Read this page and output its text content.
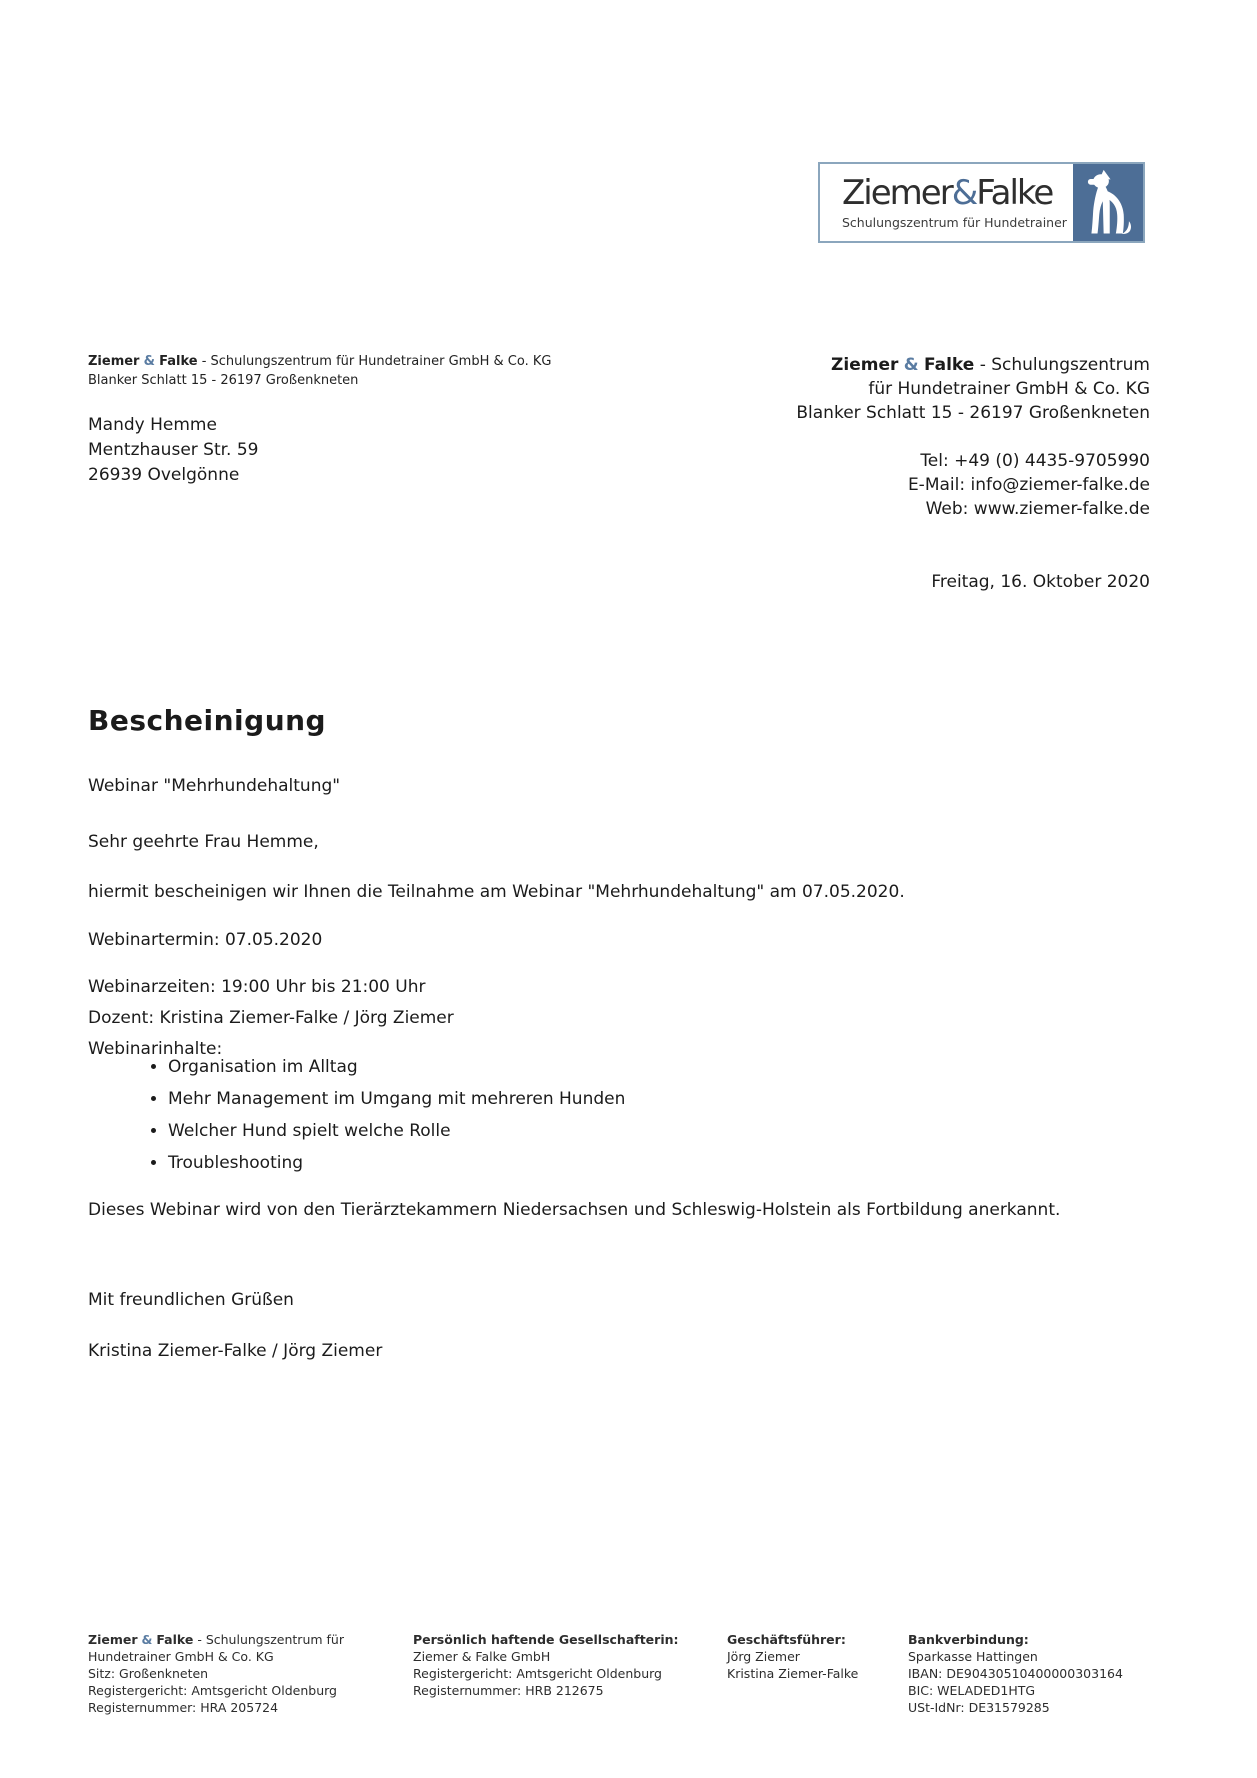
Ziemer&Falke
Schulungszentrum für Hundetrainer
Ziemer & Falke - Schulungszentrum für Hundetrainer GmbH & Co. KG
Blanker Schlatt 15 - 26197 Großenkneten
Mandy Hemme
Mentzhauser Str. 59
26939 Ovelgönne
Ziemer & Falke - Schulungszentrum
für Hundetrainer GmbH & Co. KG
Blanker Schlatt 15 - 26197 Großenkneten
Tel: +49 (0) 4435-9705990
E-Mail: info@ziemer-falke.de
Web: www.ziemer-falke.de
Freitag, 16. Oktober 2020
Bescheinigung
Webinar "Mehrhundehaltung"
Sehr geehrte Frau Hemme,
hiermit bescheinigen wir Ihnen die Teilnahme am Webinar "Mehrhundehaltung" am 07.05.2020.
Webinartermin: 07.05.2020
Webinarzeiten: 19:00 Uhr bis 21:00 Uhr
Dozent: Kristina Ziemer-Falke / Jörg Ziemer
Webinarinhalte:
• Organisation im Alltag
• Mehr Management im Umgang mit mehreren Hunden
• Welcher Hund spielt welche Rolle
• Troubleshooting
Dieses Webinar wird von den Tierärztekammern Niedersachsen und Schleswig-Holstein als Fortbildung anerkannt.
Mit freundlichen Grüßen
Kristina Ziemer-Falke / Jörg Ziemer
Ziemer & Falke - Schulungszentrum für
Hundetrainer GmbH & Co. KG
Sitz: Großenkneten
Registergericht: Amtsgericht Oldenburg
Registernummer: HRA 205724
Persönlich haftende Gesellschafterin:
Ziemer & Falke GmbH
Registergericht: Amtsgericht Oldenburg
Registernummer: HRB 212675
Geschäftsführer:
Jörg Ziemer
Kristina Ziemer-Falke
Bankverbindung:
Sparkasse Hattingen
IBAN: DE90430510400000303164
BIC: WELADED1HTG
USt-IdNr: DE31579285
